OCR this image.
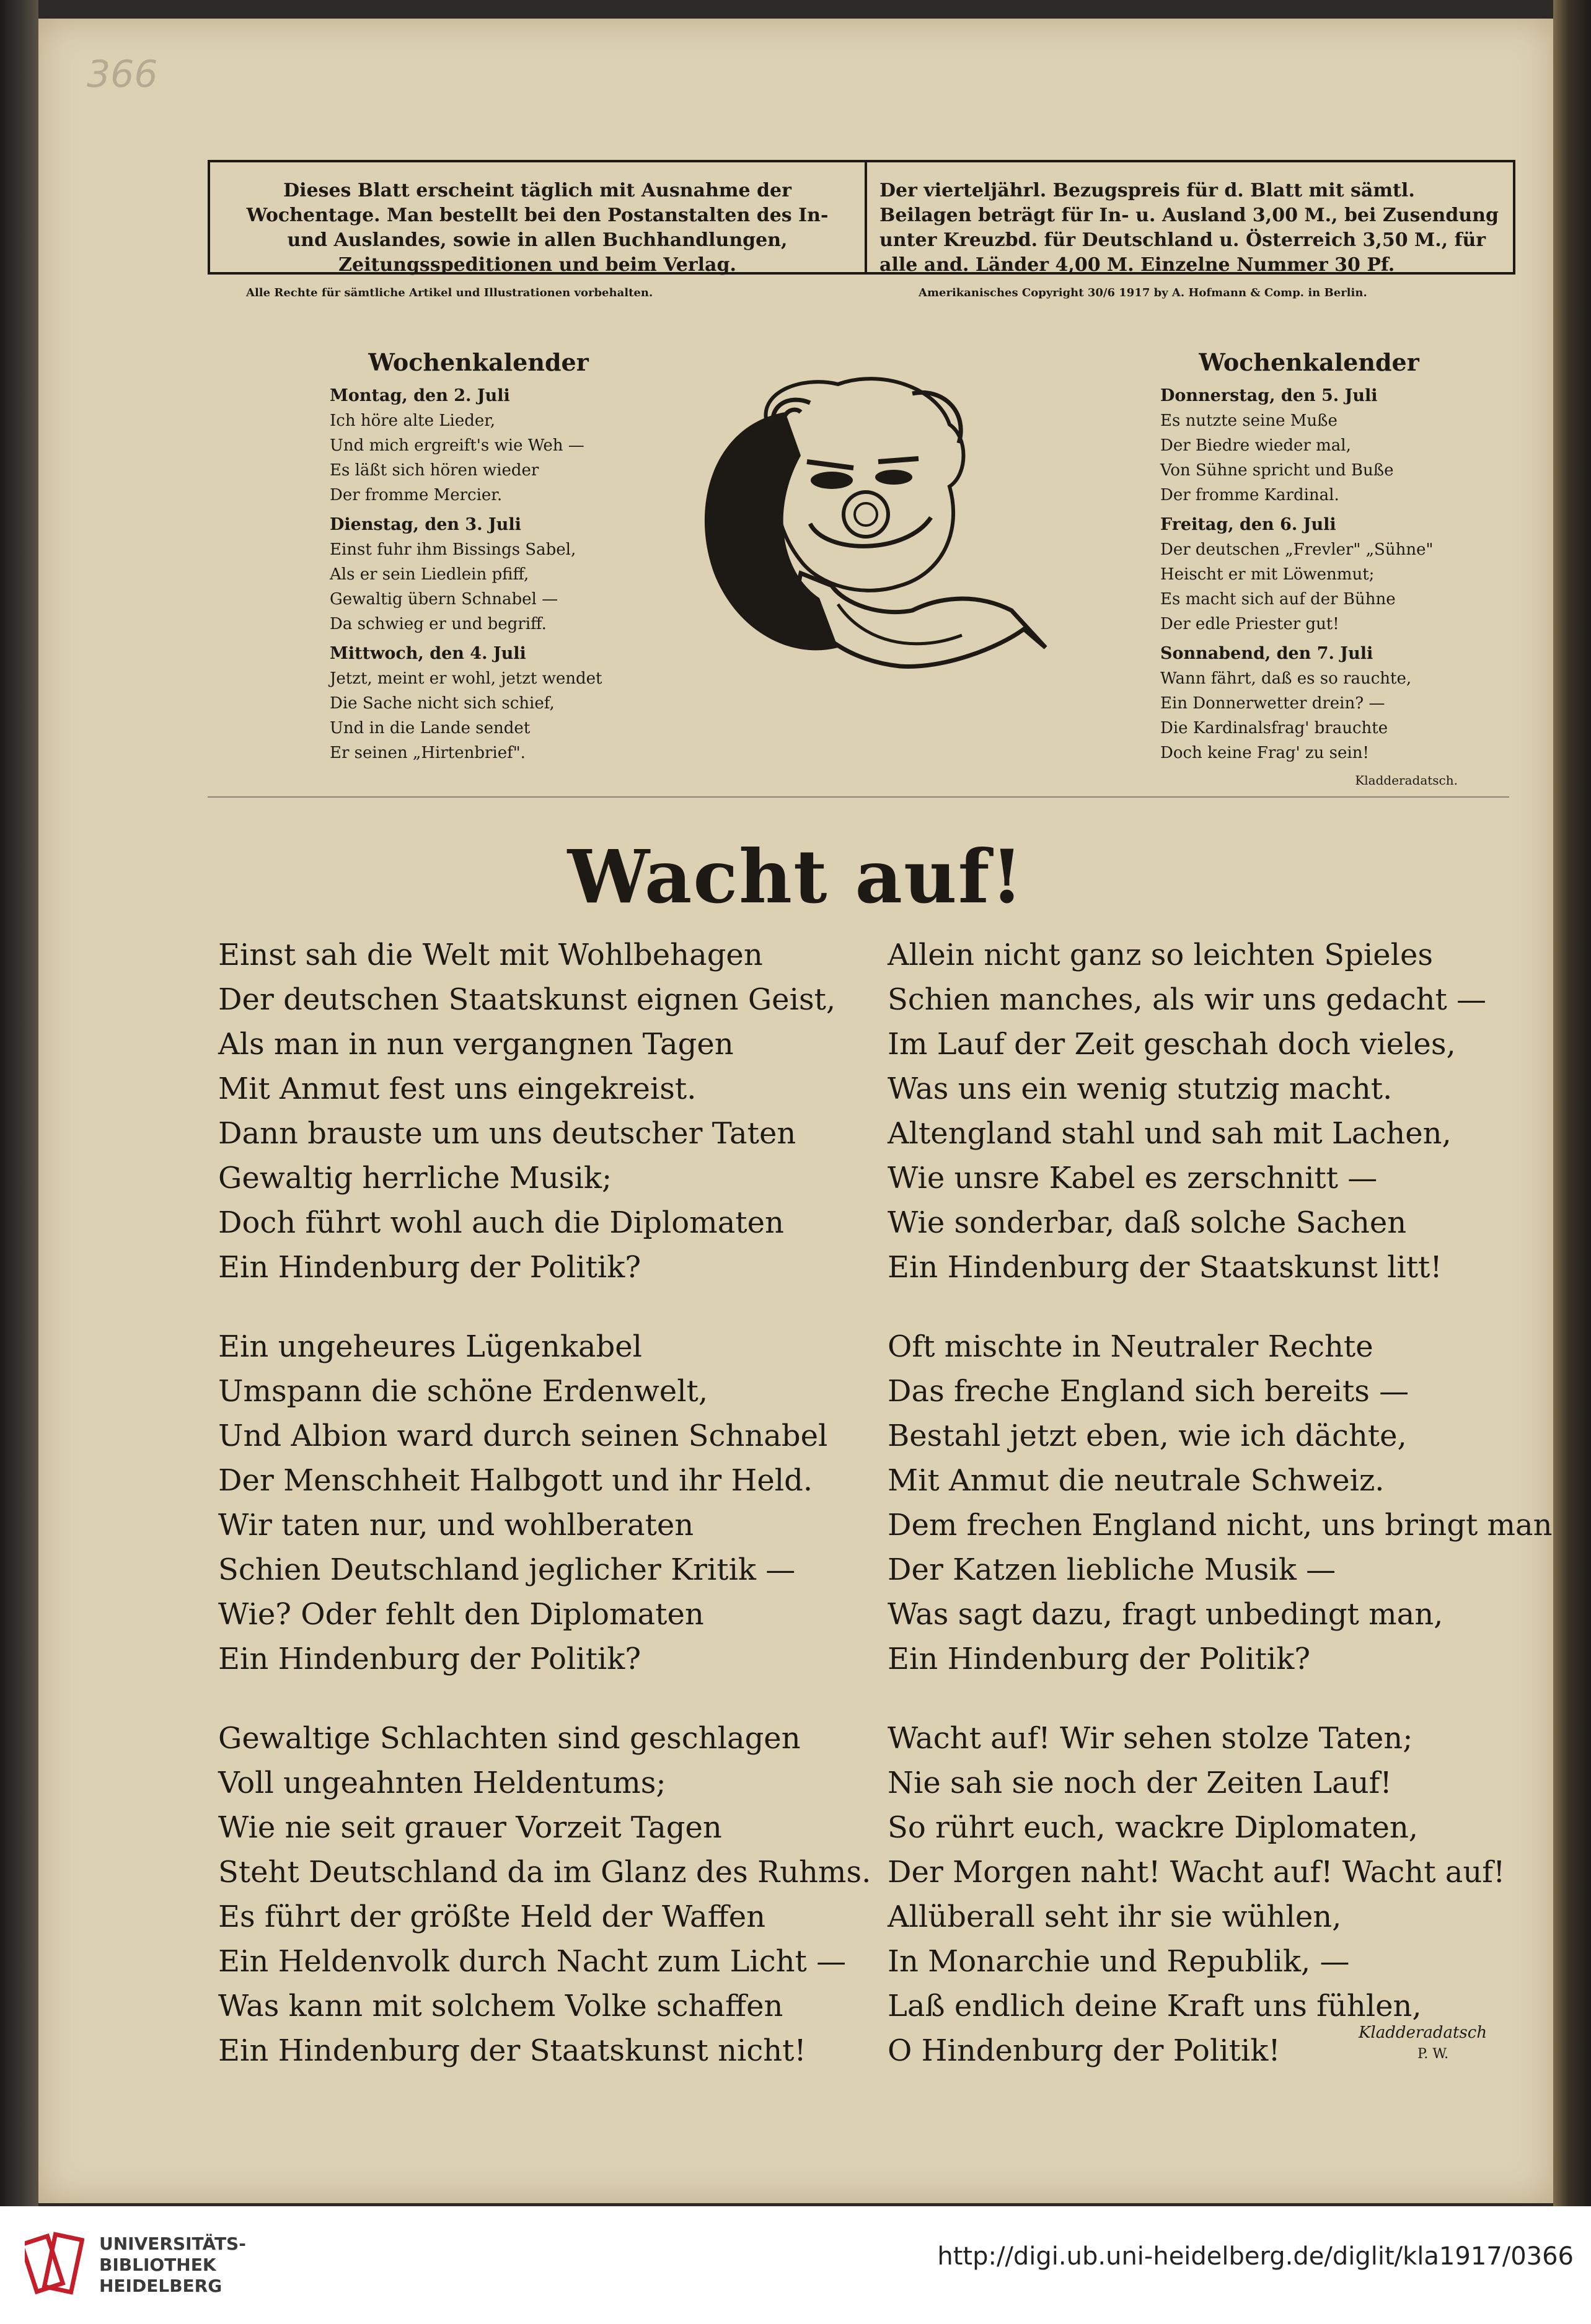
366
Dieses Blatt erscheint täglich mit Ausnahme der Wochentage. Man bestellt bei den Postanstalten des In- und Auslandes, sowie in allen Buchhandlungen, Zeitungsspeditionen und beim Verlag.
Der vierteljährl. Bezugspreis für d. Blatt mit sämtl. Beilagen beträgt für In- u. Ausland 3,00 M., bei Zusendung unter Kreuzbd. für Deutschland u. Österreich 3,50 M., für alle and. Länder 4,00 M. Einzelne Nummer 30 Pf.
Alle Rechte für sämtliche Artikel und Illustrationen vorbehalten.	Amerikanisches Copyright 30/6 1917 by A. Hofmann & Comp. in Berlin.
Wochenkalender
Montag, den 2. Juli
Ich höre alte Lieder,
Und mich ergreift's wie Weh —
Es läßt sich hören wieder
Der fromme Mercier.
Dienstag, den 3. Juli
Einst fuhr ihm Bissings Sabel,
Als er sein Liedlein pfiff,
Gewaltig übern Schnabel —
Da schwieg er und begriff.
Mittwoch, den 4. Juli
Jetzt, meint er wohl, jetzt wendet
Die Sache nicht sich schief,
Und in die Lande sendet
Er seinen „Hirtenbrief".
Wochenkalender
Donnerstag, den 5. Juli
Es nutzte seine Muße
Der Biedre wieder mal,
Von Sühne spricht und Buße
Der fromme Kardinal.
Freitag, den 6. Juli
Der deutschen „Frevler" „Sühne"
Heischt er mit Löwenmut;
Es macht sich auf der Bühne
Der edle Priester gut!
Sonnabend, den 7. Juli
Wann fährt, daß es so rauchte,
Ein Donnerwetter drein? —
Die Kardinalsfrag' brauchte
Doch keine Frag' zu sein!
Kladderadatsch.
Wacht auf!
Einst sah die Welt mit Wohlbehagen
Der deutschen Staatskunst eignen Geist,
Als man in nun vergangnen Tagen
Mit Anmut fest uns eingekreist.
Dann brauste um uns deutscher Taten
Gewaltig herrliche Musik;
Doch führt wohl auch die Diplomaten
Ein Hindenburg der Politik?
Ein ungeheures Lügenkabel
Umspann die schöne Erdenwelt,
Und Albion ward durch seinen Schnabel
Der Menschheit Halbgott und ihr Held.
Wir taten nur, und wohlberaten
Schien Deutschland jeglicher Kritik —
Wie? Oder fehlt den Diplomaten
Ein Hindenburg der Politik?
Gewaltige Schlachten sind geschlagen
Voll ungeahnten Heldentums;
Wie nie seit grauer Vorzeit Tagen
Steht Deutschland da im Glanz des Ruhms.
Es führt der größte Held der Waffen
Ein Heldenvolk durch Nacht zum Licht —
Was kann mit solchem Volke schaffen
Ein Hindenburg der Staatskunst nicht!
Allein nicht ganz so leichten Spieles
Schien manches, als wir uns gedacht —
Im Lauf der Zeit geschah doch vieles,
Was uns ein wenig stutzig macht.
Altengland stahl und sah mit Lachen,
Wie unsre Kabel es zerschnitt —
Wie sonderbar, daß solche Sachen
Ein Hindenburg der Staatskunst litt!
Oft mischte in Neutraler Rechte
Das freche England sich bereits —
Bestahl jetzt eben, wie ich dächte,
Mit Anmut die neutrale Schweiz.
Dem frechen England nicht, uns bringt man
Der Katzen liebliche Musik —
Was sagt dazu, fragt unbedingt man,
Ein Hindenburg der Politik?
Wacht auf! Wir sehen stolze Taten;
Nie sah sie noch der Zeiten Lauf!
So rührt euch, wackre Diplomaten,
Der Morgen naht! Wacht auf! Wacht auf!
Allüberall seht ihr sie wühlen,
In Monarchie und Republik, —
Laß endlich deine Kraft uns fühlen,
O Hindenburg der Politik!
Kladderadatsch
P. W.
UNIVERSITÄTS-
BIBLIOTHEK
HEIDELBERG
http://digi.ub.uni-heidelberg.de/diglit/kla1917/0366
